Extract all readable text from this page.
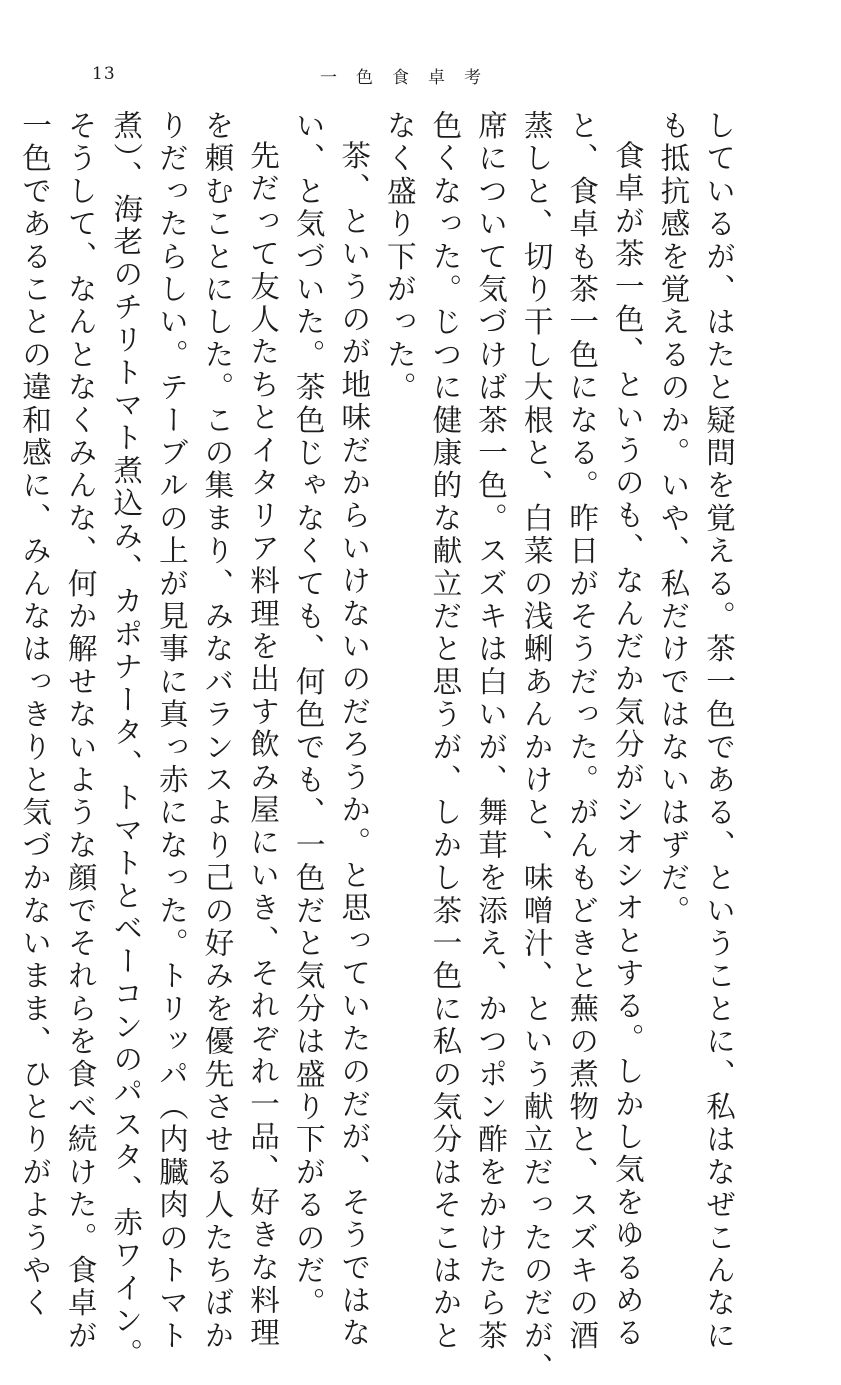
13	一色食卓考

しているが、はたと疑問を覚える。茶一色である、ということに、私はなぜこんなに

も抵抗感を覚えるのか。いや、私だけではないはずだ。

食卓が茶一色、というのも、なんだか気分がシオシオとする。しかし気をゆるめる

と、食卓も茶一色になる。昨日がそうだった。がんもどきと蕪の煮物と、スズキの酒

蒸しと、切り干し大根と、白菜の浅蜊あんかけと、味噌汁、という献立だったのだが、

席について気づけば茶一色。スズキは白いが、舞茸を添え、かつポン酢をかけたら茶

色くなった。じつに健康的な献立だと思うが、しかし茶一色に私の気分はそこはかと

なく盛り下がった。

茶、というのが地味だからいけないのだろうか。と思っていたのだが、そうではな

い、と気づいた。茶色じゃなくても、何色でも、一色だと気分は盛り下がるのだ。

先だって友人たちとイタリア料理を出す飲み屋にいき、それぞれ一品、好きな料理

を頼むことにした。この集まり、みなバランスより己の好みを優先させる人たちばか

りだったらしい。テーブルの上が見事に真っ赤になった。トリッパ（内臓肉のトマト

煮）、海老のチリトマト煮込み、カポナータ、トマトとベーコンのパスタ、赤ワイン。

そうして、なんとなくみんな、何か解せないような顔でそれらを食べ続けた。食卓が

一色であることの違和感に、みんなはっきりと気づかないまま、ひとりがようやく
